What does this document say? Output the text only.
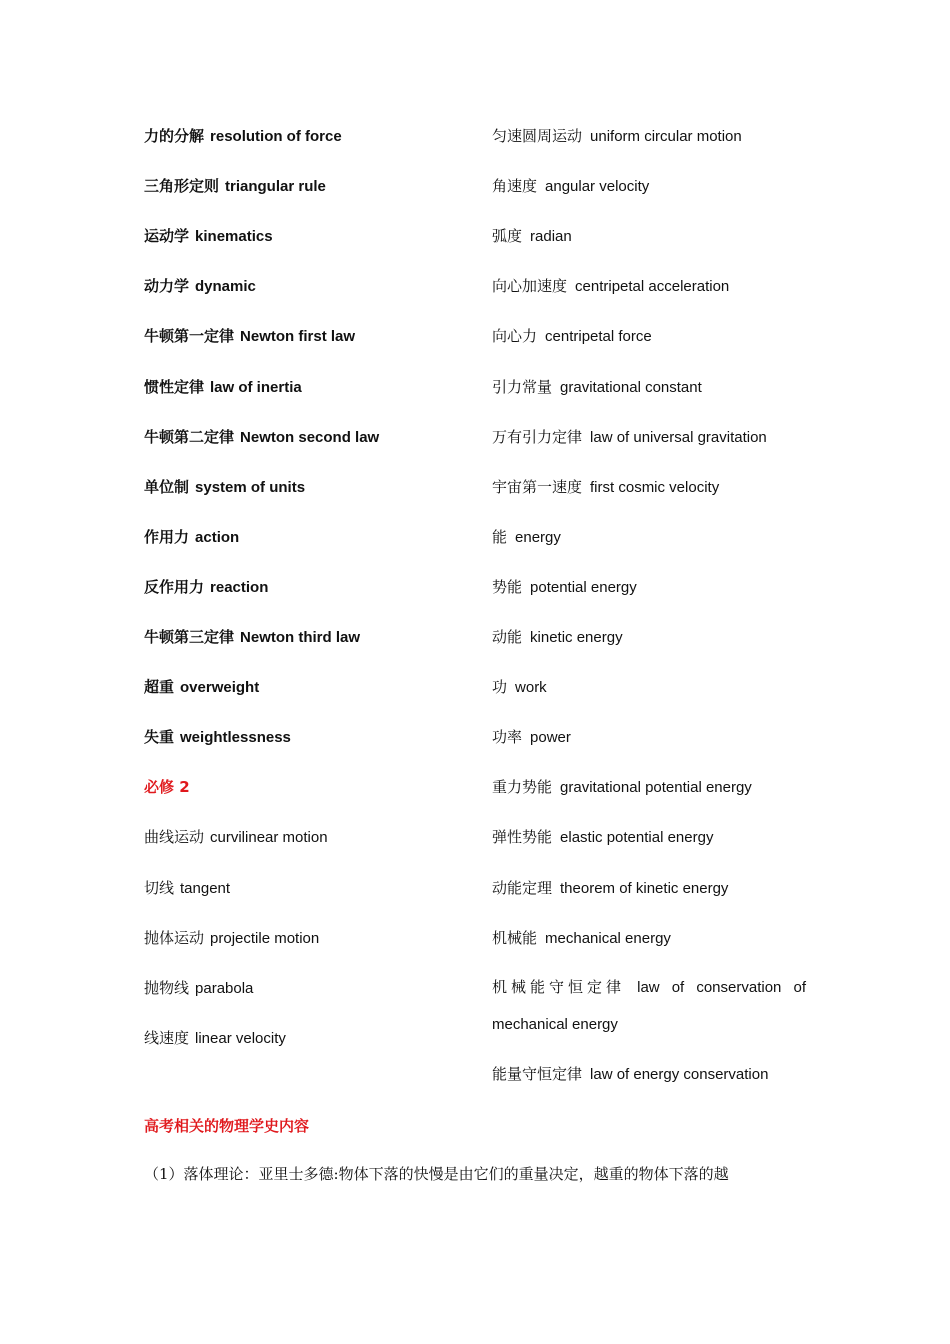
力的分解 resolution of force
三角形定则 triangular rule
运动学 kinematics
动力学 dynamic
牛顿第一定律 Newton first law
惯性定律 law of inertia
牛顿第二定律 Newton second law
单位制 system of units
作用力 action
反作用力 reaction
牛顿第三定律 Newton third law
超重 overweight
失重 weightlessness
必修 2
曲线运动 curvilinear motion
切线 tangent
抛体运动 projectile motion
抛物线 parabola
线速度 linear velocity
匀速圆周运动 uniform circular motion
角速度 angular velocity
弧度 radian
向心加速度 centripetal acceleration
向心力 centripetal force
引力常量 gravitational constant
万有引力定律 law of universal gravitation
宇宙第一速度 first cosmic velocity
能 energy
势能 potential energy
动能 kinetic energy
功 work
功率 power
重力势能 gravitational potential energy
弹性势能 elastic potential energy
动能定理 theorem of kinetic energy
机械能 mechanical energy
机械能守恒定律 law of conservation of
mechanical energy
能量守恒定律 law of energy conservation
高考相关的物理学史内容
（1）落体理论：亚里士多德:物体下落的快慢是由它们的重量决定，越重的物体下落的越
